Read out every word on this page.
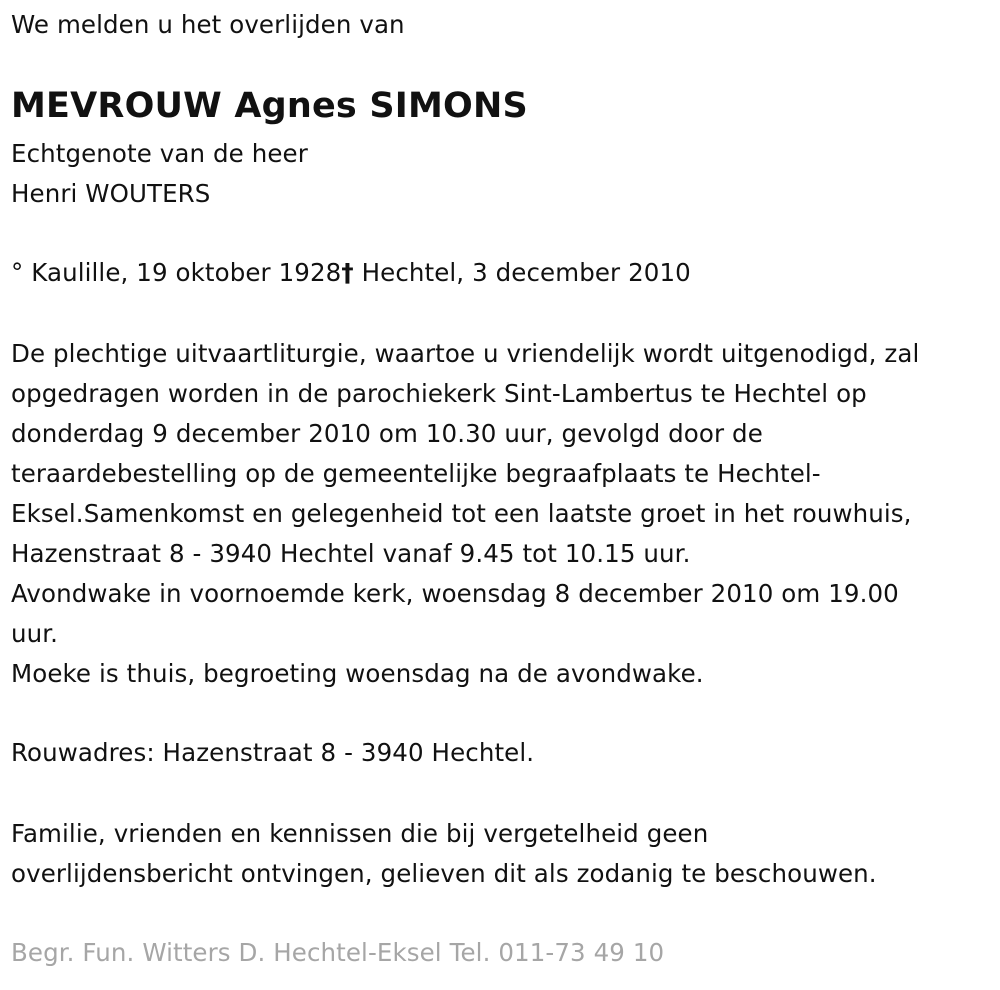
We melden u het overlijden van
MEVROUW Agnes SIMONS
Echtgenote van de heer
Henri WOUTERS
° Kaulille, 19 oktober 1928† Hechtel, 3 december 2010
De plechtige uitvaartliturgie, waartoe u vriendelijk wordt uitgenodigd, zal
opgedragen worden in de parochiekerk Sint-Lambertus te Hechtel op
donderdag 9 december 2010 om 10.30 uur, gevolgd door de
teraardebestelling op de gemeentelijke begraafplaats te Hechtel-
Eksel.Samenkomst en gelegenheid tot een laatste groet in het rouwhuis,
Hazenstraat 8 - 3940 Hechtel vanaf 9.45 tot 10.15 uur.
Avondwake in voornoemde kerk, woensdag 8 december 2010 om 19.00
uur.
Moeke is thuis, begroeting woensdag na de avondwake.
Rouwadres: Hazenstraat 8 - 3940 Hechtel.
Familie, vrienden en kennissen die bij vergetelheid geen
overlijdensbericht ontvingen, gelieven dit als zodanig te beschouwen.
Begr. Fun. Witters D. Hechtel-Eksel Tel. 011-73 49 10
